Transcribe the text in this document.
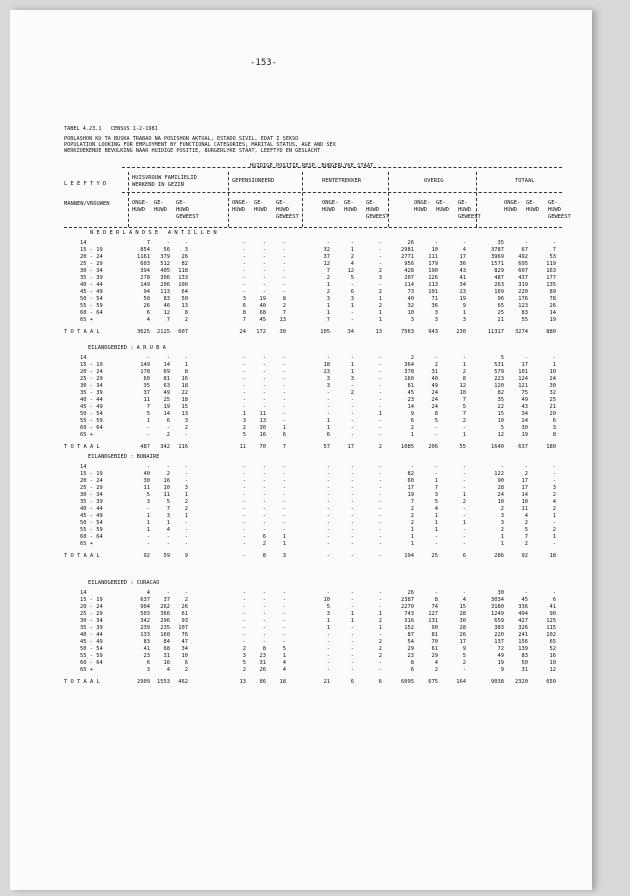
-153-
TABEL 4.23.1   CENSUS 1-2-1981
POBLASHON KU TA BUSKA TRABAO NA POSISHON AKTUAL, ESTADO SIVIL, EDAT I SEKSO
POPULATION LOOKING FOR EMPLOYMENT BY FUNCTIONAL CATEGORIES, MARITAL STATUS, AGE AND SEX
WERKZOEKENDE BEVOLKING NAAR HUIDIGE POSITIE, BURGERLYKE STAAT, LEEFTYD EN GESLACHT
HUIDIGE POSITIE RESP. BURGERLYKE STAAT
L E E F T Y D
MANNEN/VROUWEN
HUISVROUW FAMILIELID
WERKEND IN GEZIN
GEPENSIONEERD	RENTETREKKER	OVERIG	TOTAAL
ONGE-
HUWD
GE-
HUWD
GE-
HUWD
GEWEEST
ONGE-
HUWD
GE-
HUWD
GE-
HUWD
GEWEEST
ONGE-
HUWD
GE-
HUWD
GE-
HUWD
GEWEEST
ONGE-
HUWD
GE-
HUWD
GE-
HUWD
GEWEEST
ONGE-
HUWD
GE-
HUWD
GE-
HUWD
GEWEEST
N E D E R L A N D S E   A N T I L L E N
14	7	-	-	-	-	-	-	-	-	26	-	-	35	-	-
15 - 19	854	56	3	-	-	-	32	1	-	2981	10	4	3787	67	7
20 - 24	1161	379	26	-	-	-	37	2	-	2771	111	17	3969	492	53
25 - 29	603	512	82	-	-	-	12	4	-	956	179	36	1571	695	119
30 - 34	394	405	118	-	-	-	7	12	2	428	190	43	829	607	163
35 - 39	278	306	133	-	-	-	2	5	3	207	126	41	487	437	177
40 - 44	149	206	100	-	-	-	1	-	-	114	113	34	263	319	135
45 - 49	94	113	64	-	-	-	2	6	2	73	101	23	169	220	89
50 - 54	50	83	50	3	19	8	3	3	1	40	71	19	96	176	78
55 - 59	26	46	13	6	40	2	1	1	2	32	36	9	65	123	26
60 - 64	6	12	8	8	68	7	1	-	1	10	3	1	25	83	14
65 +	4	7	2	7	45	13	7	-	1	3	3	3	21	55	19
T O T A A L	3625	2125	607	24	172	30	105	34	13	7563	943	230	11317	3274	880
EILANDGEBIED : A R U B A
14	-	-	-	-	-	-	-	-	-	2	-	-	5	-	-
15 - 19	149	14	1	-	-	-	18	1	-	364	2	1	531	17	1
20 - 24	178	69	8	-	-	-	23	1	-	378	31	2	579	101	10
25 - 29	60	81	16	-	-	-	3	3	-	160	40	8	223	124	24
30 - 34	35	63	18	-	-	-	3	-	-	81	49	12	120	121	30
35 - 39	37	49	22	-	-	-	-	2	-	45	24	10	82	75	32
40 - 44	11	25	18	-	-	-	-	-	-	23	24	7	35	49	25
45 - 49	7	19	15	-	-	-	-	-	-	14	24	5	22	43	21
50 - 54	5	14	13	1	11	-	-	-	1	9	8	7	15	34	20
55 - 59	1	6	3	3	13	-	1	-	-	6	5	2	10	24	6
60 - 64	-	-	2	2	30	1	1	-	-	2	-	-	5	30	3
65 +	-	2	-	5	16	6	6	-	-	1	-	1	12	19	8
T O T A A L	487	342	116	11	70	7	57	17	2	1085	206	55	1640	637	180
EILANDGEBIED : BONAIRE
14	-	-	-	-	-	-	-	-	-	-	-	-	-	-	-
15 - 19	40	2	-	-	-	-	-	-	-	82	-	-	122	2	-
20 - 24	30	16	-	-	-	-	-	-	-	60	1	-	90	17	-
25 - 29	11	10	3	-	-	-	-	-	-	17	7	-	28	17	3
30 - 34	5	11	1	-	-	-	-	-	-	19	3	1	24	14	2
35 - 39	3	5	2	-	-	-	-	-	-	7	5	2	10	10	4
40 - 44	-	7	2	-	-	-	-	-	-	2	4	-	2	11	2
45 - 49	1	3	1	-	-	-	-	-	-	2	1	-	3	4	1
50 - 54	1	1	-	-	-	-	-	-	-	2	1	1	3	2	-
55 - 59	1	4	-	-	-	-	-	-	-	1	1	-	2	5	2
60 - 64	-	-	-	-	6	1	-	-	-	1	-	-	1	7	1
65 +	-	-	-	-	2	1	-	-	-	1	-	-	1	2	-
T O T A A L	92	59	9	-	8	3	-	-	-	194	25	6	286	92	18
EILANDGEBIED : CURACAO
14	4	-	-	-	-	-	-	-	-	26	-	-	30	-	-
15 - 19	637	37	2	-	-	-	10	-	-	2387	8	4	3034	45	6
20 - 24	904	262	26	-	-	-	5	-	-	2270	74	15	3180	336	41
25 - 29	503	366	61	-	-	-	3	1	1	743	127	28	1249	494	90
30 - 34	342	296	93	-	-	-	1	1	2	316	131	30	659	427	125
35 - 39	239	235	107	-	-	-	1	-	1	152	90	28	383	326	115
40 - 44	133	160	76	-	-	-	-	-	-	87	81	26	220	241	102
45 - 49	83	84	47	-	-	-	-	-	2	54	70	17	137	156	65
50 - 54	41	68	34	2	8	5	-	-	2	29	61	9	72	139	52
55 - 59	23	31	10	3	23	1	-	-	2	23	29	5	49	83	16
60 - 64	6	16	6	5	31	4	-	-	-	8	4	2	19	50	10
65 +	3	4	2	2	26	4	-	-	-	6	2	-	9	31	12
T O T A A L	2909	1553	462	13	86	18	21	6	6	6095	675	164	9038	2320	650
